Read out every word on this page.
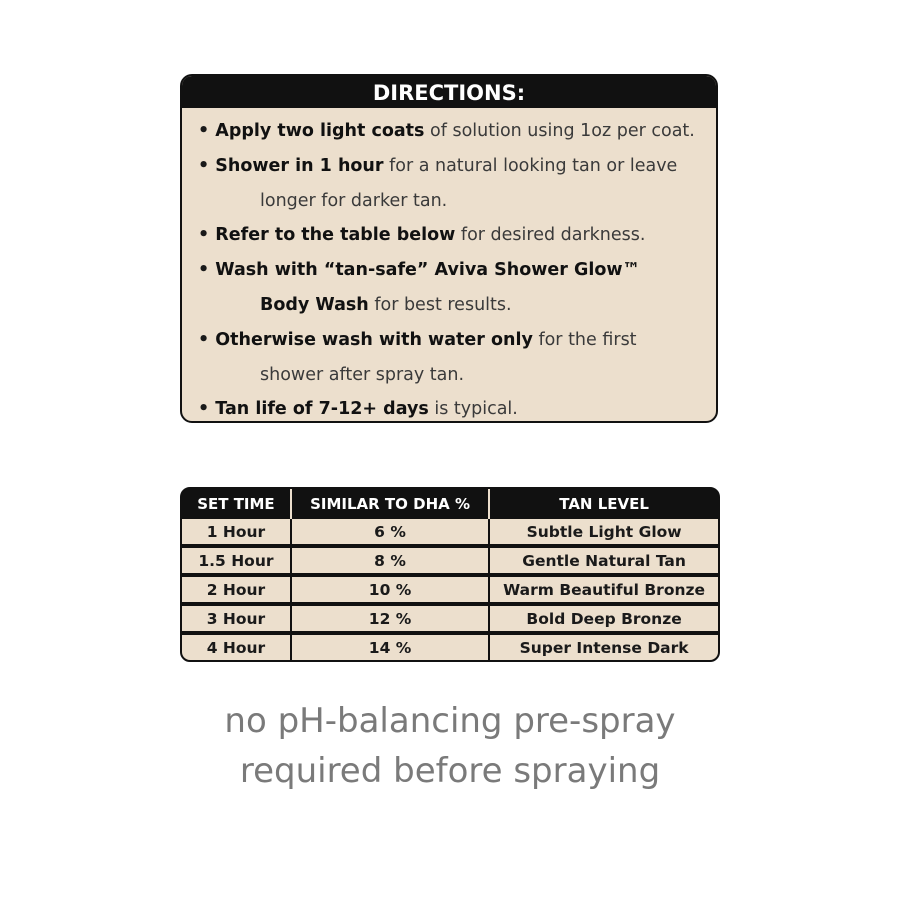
DIRECTIONS:
• Apply two light coats of solution using 1oz per coat.
• Shower in 1 hour for a natural looking tan or leave
longer for darker tan.
• Refer to the table below for desired darkness.
• Wash with “tan-safe” Aviva Shower Glow™
Body Wash for best results.
• Otherwise wash with water only for the first
shower after spray tan.
• Tan life of 7-12+ days is typical.
SET TIME	SIMILAR TO DHA %	TAN LEVEL
1 Hour	6 %	Subtle Light Glow
1.5 Hour	8 %	Gentle Natural Tan
2 Hour	10 %	Warm Beautiful Bronze
3 Hour	12 %	Bold Deep Bronze
4 Hour	14 %	Super Intense Dark
no pH-balancing pre-spray
required before spraying
